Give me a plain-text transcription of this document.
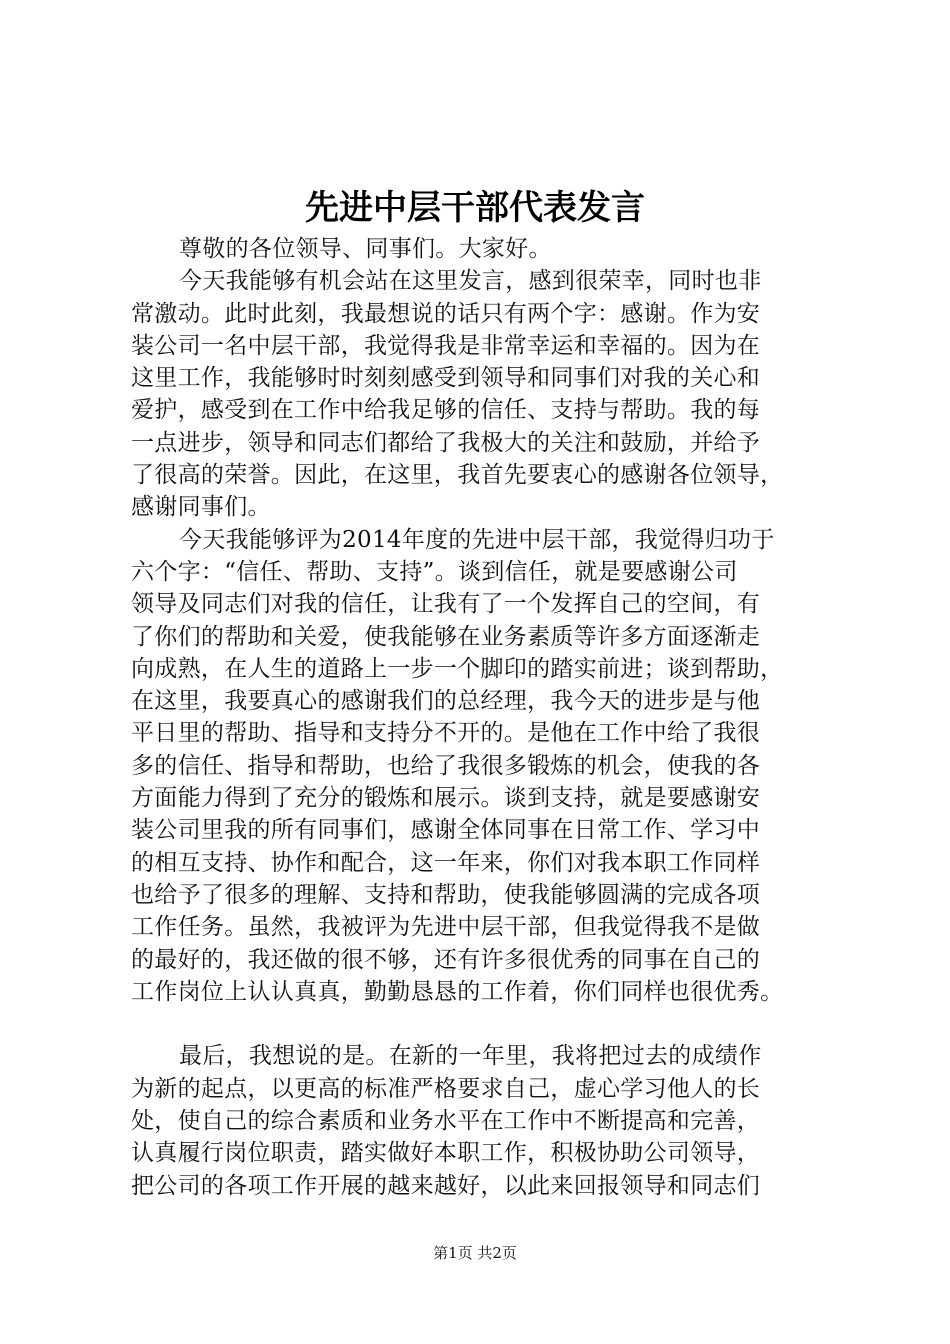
先进中层干部代表发言
尊敬的各位领导、同事们。大家好。
今天我能够有机会站在这里发言，感到很荣幸，同时也非
常激动。此时此刻，我最想说的话只有两个字：感谢。作为安
装公司一名中层干部，我觉得我是非常幸运和幸福的。因为在
这里工作，我能够时时刻刻感受到领导和同事们对我的关心和
爱护，感受到在工作中给我足够的信任、支持与帮助。我的每
一点进步，领导和同志们都给了我极大的关注和鼓励，并给予
了很高的荣誉。因此，在这里，我首先要衷心的感谢各位领导，
感谢同事们。
今天我能够评为2014年度的先进中层干部，我觉得归功于
六个字：“信任、帮助、支持”。谈到信任，就是要感谢公司
领导及同志们对我的信任，让我有了一个发挥自己的空间，有
了你们的帮助和关爱，使我能够在业务素质等许多方面逐渐走
向成熟，在人生的道路上一步一个脚印的踏实前进；谈到帮助，
在这里，我要真心的感谢我们的总经理，我今天的进步是与他
平日里的帮助、指导和支持分不开的。是他在工作中给了我很
多的信任、指导和帮助，也给了我很多锻炼的机会，使我的各
方面能力得到了充分的锻炼和展示。谈到支持，就是要感谢安
装公司里我的所有同事们，感谢全体同事在日常工作、学习中
的相互支持、协作和配合，这一年来，你们对我本职工作同样
也给予了很多的理解、支持和帮助，使我能够圆满的完成各项
工作任务。虽然，我被评为先进中层干部，但我觉得我不是做
的最好的，我还做的很不够，还有许多很优秀的同事在自己的
工作岗位上认认真真，勤勤恳恳的工作着，你们同样也很优秀。
最后，我想说的是。在新的一年里，我将把过去的成绩作
为新的起点，以更高的标准严格要求自己，虚心学习他人的长
处，使自己的综合素质和业务水平在工作中不断提高和完善，
认真履行岗位职责，踏实做好本职工作，积极协助公司领导，
把公司的各项工作开展的越来越好，以此来回报领导和同志们
第1页 共2页
